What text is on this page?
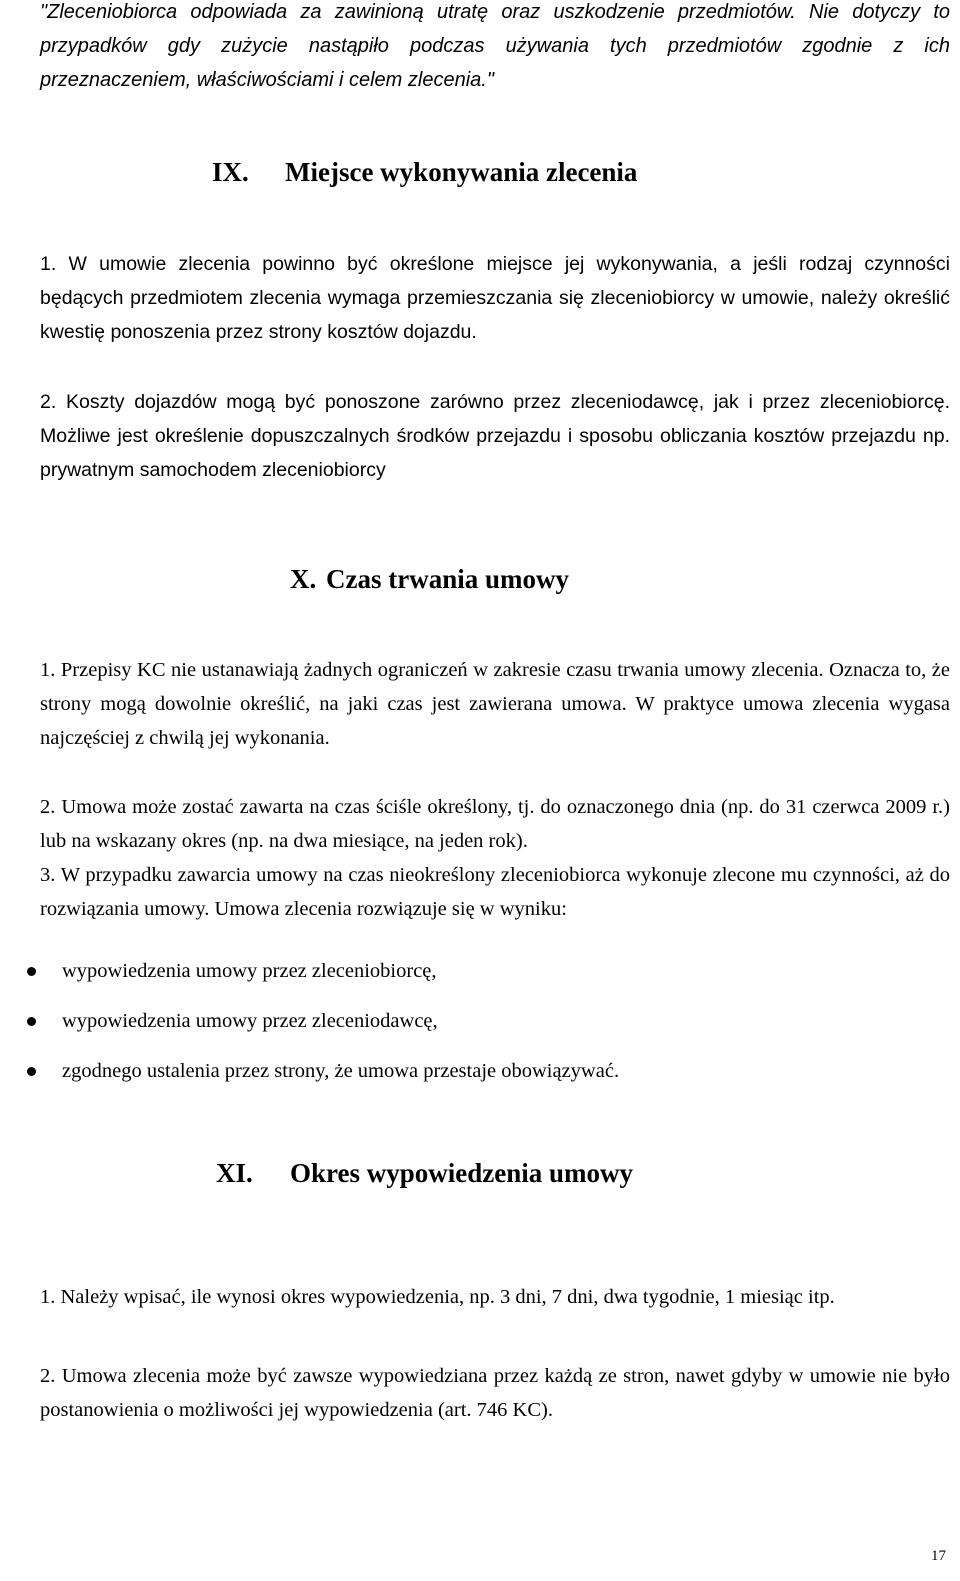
"Zleceniobiorca odpowiada za zawinioną utratę oraz uszkodzenie przedmiotów. Nie dotyczy to przypadków gdy zużycie nastąpiło podczas używania tych przedmiotów zgodnie z ich przeznaczeniem, właściwościami i celem zlecenia."

IX. Miejsce wykonywania zlecenia

1. W umowie zlecenia powinno być określone miejsce jej wykonywania, a jeśli rodzaj czynności będących przedmiotem zlecenia wymaga przemieszczania się zleceniobiorcy w umowie, należy określić kwestię ponoszenia przez strony kosztów dojazdu.

2. Koszty dojazdów mogą być ponoszone zarówno przez zleceniodawcę, jak i przez zleceniobiorcę. Możliwe jest określenie dopuszczalnych środków przejazdu i sposobu obliczania kosztów przejazdu np. prywatnym samochodem zleceniobiorcy

X. Czas trwania umowy

1. Przepisy KC nie ustanawiają żadnych ograniczeń w zakresie czasu trwania umowy zlecenia. Oznacza to, że strony mogą dowolnie określić, na jaki czas jest zawierana umowa. W praktyce umowa zlecenia wygasa najczęściej z chwilą jej wykonania.

2. Umowa może zostać zawarta na czas ściśle określony, tj. do oznaczonego dnia (np. do 31 czerwca 2009 r.) lub na wskazany okres (np. na dwa miesiące, na jeden rok).

3. W przypadku zawarcia umowy na czas nieokreślony zleceniobiorca wykonuje zlecone mu czynności, aż do rozwiązania umowy. Umowa zlecenia rozwiązuje się w wyniku:

wypowiedzenia umowy przez zleceniobiorcę,
wypowiedzenia umowy przez zleceniodawcę,
zgodnego ustalenia przez strony, że umowa przestaje obowiązywać.
XI. Okres wypowiedzenia umowy

1. Należy wpisać, ile wynosi okres wypowiedzenia, np. 3 dni, 7 dni, dwa tygodnie, 1 miesiąc itp.

2. Umowa zlecenia może być zawsze wypowiedziana przez każdą ze stron, nawet gdyby w umowie nie było postanowienia o możliwości jej wypowiedzenia (art. 746 KC).

17
